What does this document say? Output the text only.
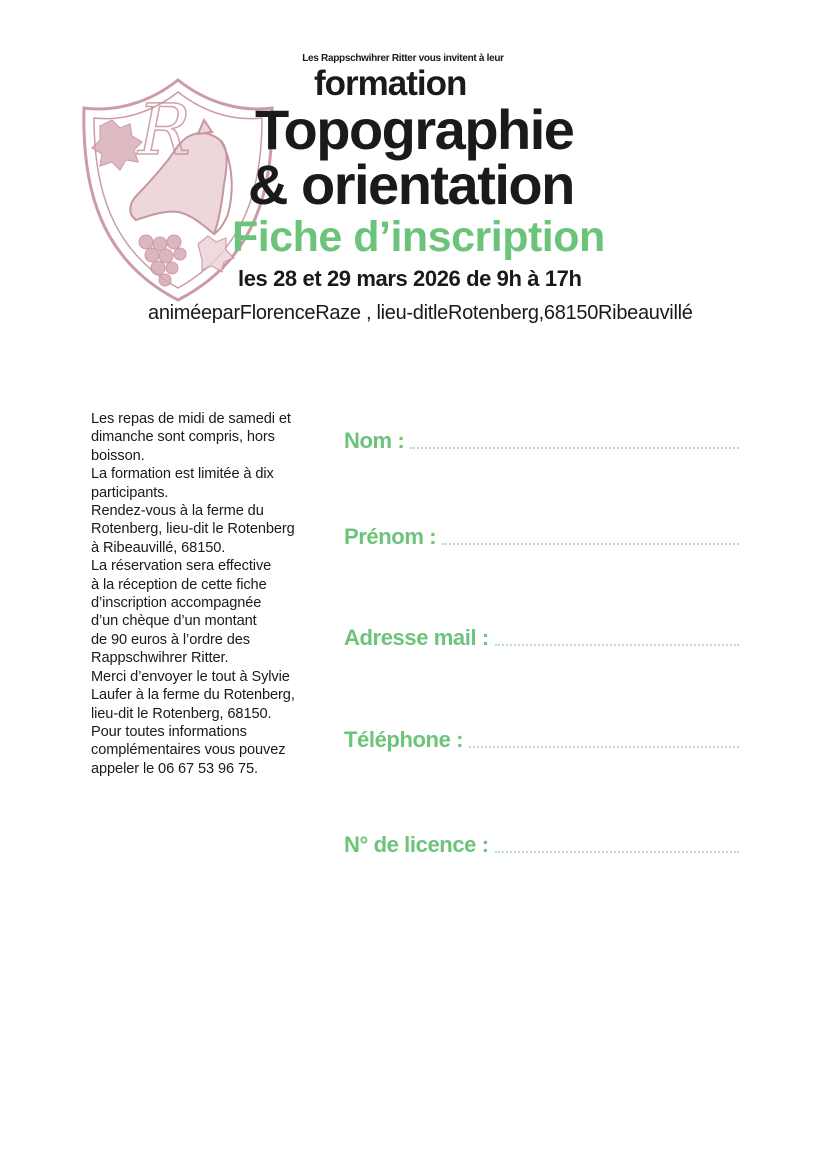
R
Les Rappschwihrer Ritter vous invitent à leur
formation
Topographie
& orientation
Fiche d’inscription
les 28 et 29 mars 2026 de 9h à 17h
animéeparFlorenceRaze , lieu-ditleRotenberg,68150Ribeauvillé

Les repas de midi de samedi et

dimanche sont compris, hors

boisson.

La formation est limitée à dix

participants.

Rendez-vous à la ferme du

Rotenberg, lieu-dit le Rotenberg

à Ribeauvillé, 68150.

La réservation sera effective

à la réception de cette fiche

d’inscription accompagnée

d’un chèque d’un montant

de 90 euros à l’ordre des

Rappschwihrer Ritter.

Merci d’envoyer le tout à Sylvie

Laufer à la ferme du Rotenberg,

lieu-dit le Rotenberg, 68150.

Pour toutes informations

complémentaires vous pouvez

appeler le 06 67 53 96 75.

Nom :
Prénom :
Adresse mail :
Téléphone :
N° de licence :
